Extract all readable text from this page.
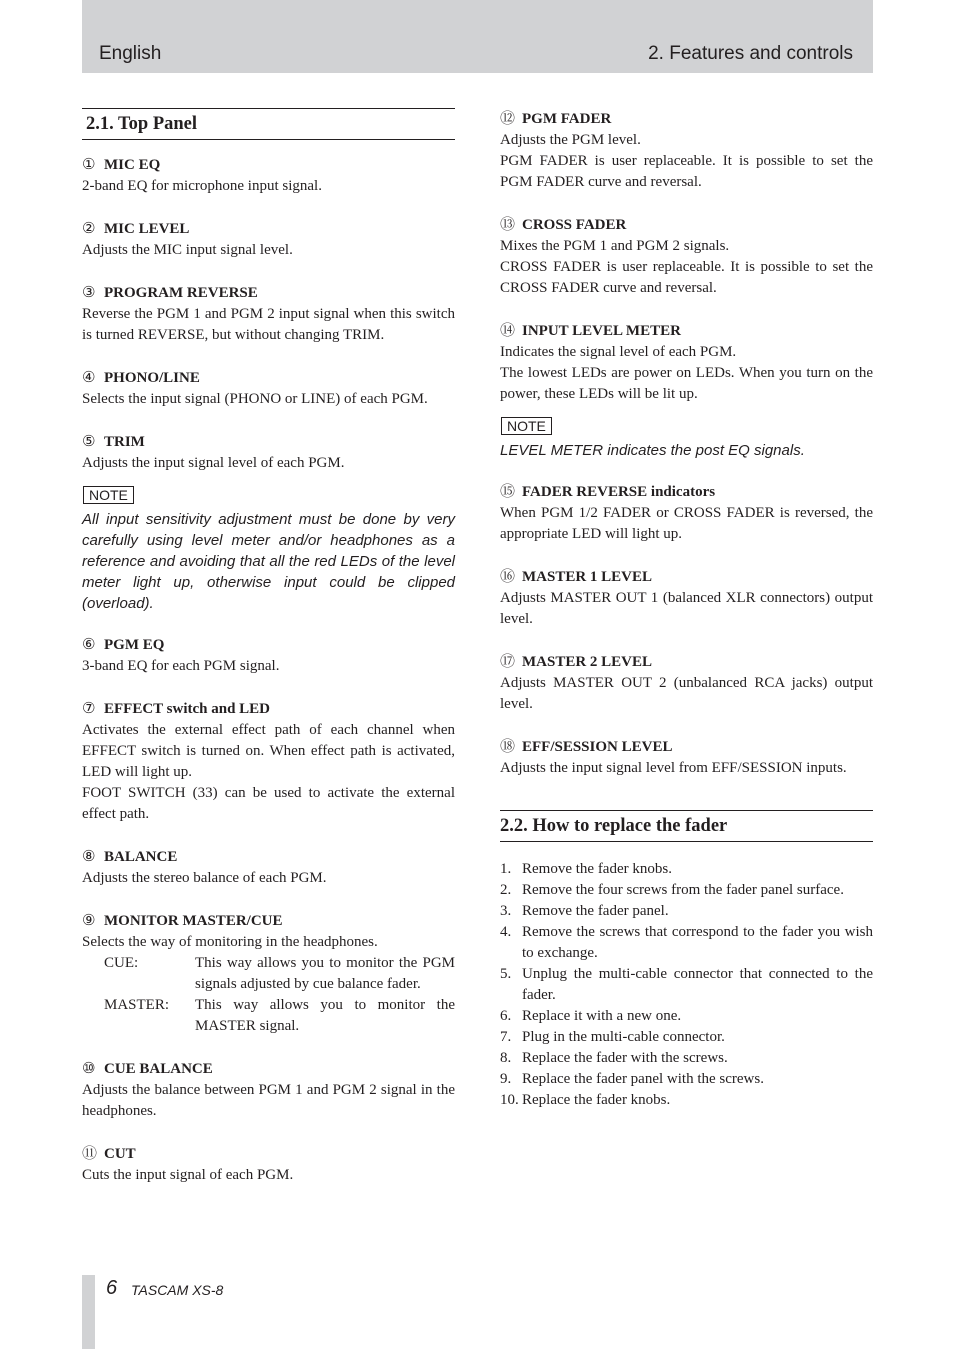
English	2. Features and controls
2.1. Top Panel
① MIC EQ

2-band EQ for microphone input signal.

② MIC LEVEL

Adjusts the MIC input signal level.

③ PROGRAM REVERSE

Reverse the PGM 1 and PGM 2 input signal when this switch is turned REVERSE, but without changing TRIM.

④ PHONO/LINE

Selects the input signal (PHONO or LINE) of each PGM.

⑤ TRIM

Adjusts the input signal level of each PGM.

NOTE
All input sensitivity adjustment must be done by very carefully using level meter and/or headphones as a reference and avoiding that all the red LEDs of the level meter light up, otherwise input could be clipped (overload).
⑥ PGM EQ

3-band EQ for each PGM signal.

⑦ EFFECT switch and LED

Activates the external effect path of each channel when EFFECT switch is turned on. When effect path is activated, LED will light up.

FOOT SWITCH (33) can be used to activate the external effect path.

⑧ BALANCE

Adjusts the stereo balance of each PGM.

⑨ MONITOR MASTER/CUE

Selects the way of monitoring in the headphones.

CUE:	This way allows you to monitor the PGM signals adjusted by cue balance fader.
MASTER:	This way allows you to monitor the MASTER signal.
⑩ CUE BALANCE

Adjusts the balance between PGM 1 and PGM 2 signal in the headphones.

⑪ CUT

Cuts the input signal of each PGM.

⑫ PGM FADER

Adjusts the PGM level.

PGM FADER is user replaceable. It is possible to set the PGM FADER curve and reversal.

⑬ CROSS FADER

Mixes the PGM 1 and PGM 2 signals.

CROSS FADER is user replaceable. It is possible to set the CROSS FADER curve and reversal.

⑭ INPUT LEVEL METER

Indicates the signal level of each PGM.

The lowest LEDs are power on LEDs. When you turn on the power, these LEDs will be lit up.

NOTE
LEVEL METER indicates the post EQ signals.
⑮ FADER REVERSE indicators

When PGM 1/2 FADER or CROSS FADER is reversed, the appropriate LED will light up.

⑯ MASTER 1 LEVEL

Adjusts MASTER OUT 1 (balanced XLR connectors) output level.

⑰ MASTER 2 LEVEL

Adjusts MASTER OUT 2 (unbalanced RCA jacks) output level.

⑱ EFF/SESSION LEVEL

Adjusts the input signal level from EFF/SESSION inputs.

2.2. How to replace the fader
1. Remove the fader knobs.
2. Remove the four screws from the fader panel surface.
3. Remove the fader panel.
4. Remove the screws that correspond to the fader you wish to exchange.
5. Unplug the multi-cable connector that connected to the fader.
6. Replace it with a new one.
7. Plug in the multi-cable connector.
8. Replace the fader with the screws.
9. Replace the fader panel with the screws.
10. Replace the fader knobs.
6 TASCAM XS-8
